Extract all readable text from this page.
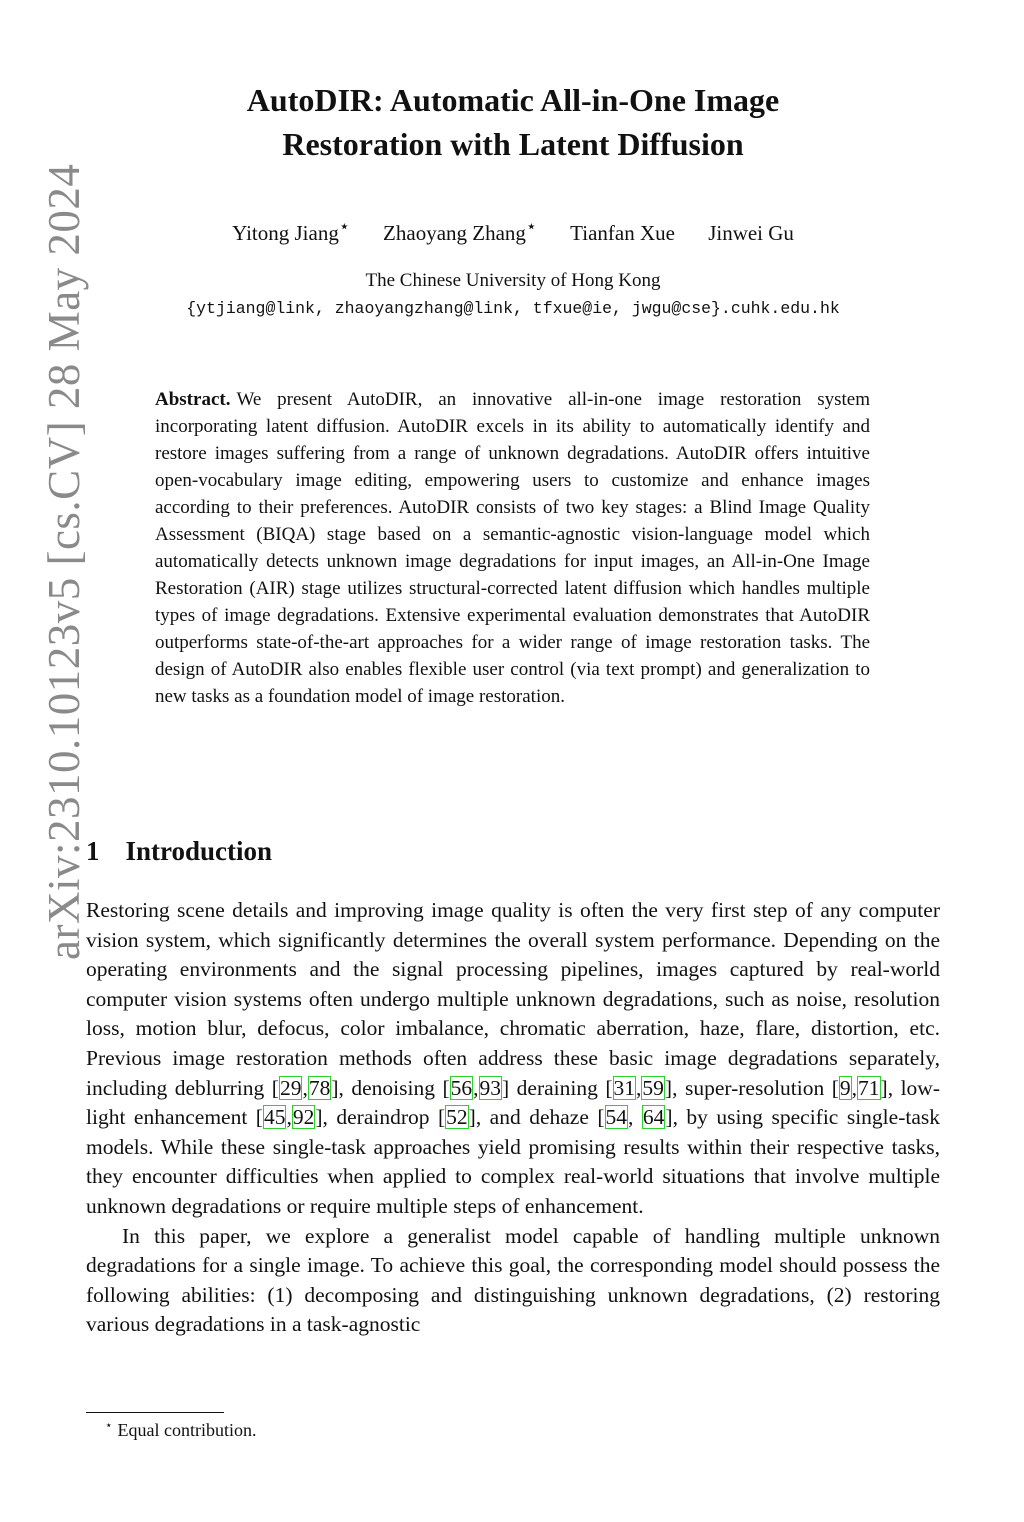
arXiv:2310.10123v5 [cs.CV] 28 May 2024
AutoDIR: Automatic All-in-One Image
Restoration with Latent Diffusion
Yitong Jiang⋆ Zhaoyang Zhang⋆ Tianfan Xue Jinwei Gu
The Chinese University of Hong Kong
{ytjiang@link, zhaoyangzhang@link, tfxue@ie, jwgu@cse}.cuhk.edu.hk
Abstract. We present AutoDIR, an innovative all-in-one image restoration system incorporating latent diffusion. AutoDIR excels in its ability to automatically identify and restore images suffering from a range of unknown degradations. AutoDIR offers intuitive open-vocabulary image editing, empowering users to customize and enhance images according to their preferences. AutoDIR consists of two key stages: a Blind Image Quality Assessment (BIQA) stage based on a semantic-agnostic vision-language model which automatically detects unknown image degradations for input images, an All-in-One Image Restoration (AIR) stage utilizes structural-corrected latent diffusion which handles multiple types of image degradations. Extensive experimental evaluation demonstrates that AutoDIR outperforms state-of-the-art approaches for a wider range of image restoration tasks. The design of AutoDIR also enables flexible user control (via text prompt) and generalization to new tasks as a foundation model of image restoration.
1 Introduction

Restoring scene details and improving image quality is often the very first step of any computer vision system, which significantly determines the overall system performance. Depending on the operating environments and the signal processing pipelines, images captured by real-world computer vision systems often undergo multiple unknown degradations, such as noise, resolution loss, motion blur, defocus, color imbalance, chromatic aberration, haze, flare, distortion, etc. Previous image restoration methods often address these basic image degradations separately, including deblurring [29,78], denoising [56,93] deraining [31,59], super-resolution [9,71], low-light enhancement [45,92], deraindrop [52], and dehaze [54, 64], by using specific single-task models. While these single-task approaches yield promising results within their respective tasks, they encounter difficulties when applied to complex real-world situations that involve multiple unknown degradations or require multiple steps of enhancement.

In this paper, we explore a generalist model capable of handling multiple unknown degradations for a single image. To achieve this goal, the corresponding model should possess the following abilities: (1) decomposing and distinguishing unknown degradations, (2) restoring various degradations in a task-agnostic

⋆ Equal contribution.
